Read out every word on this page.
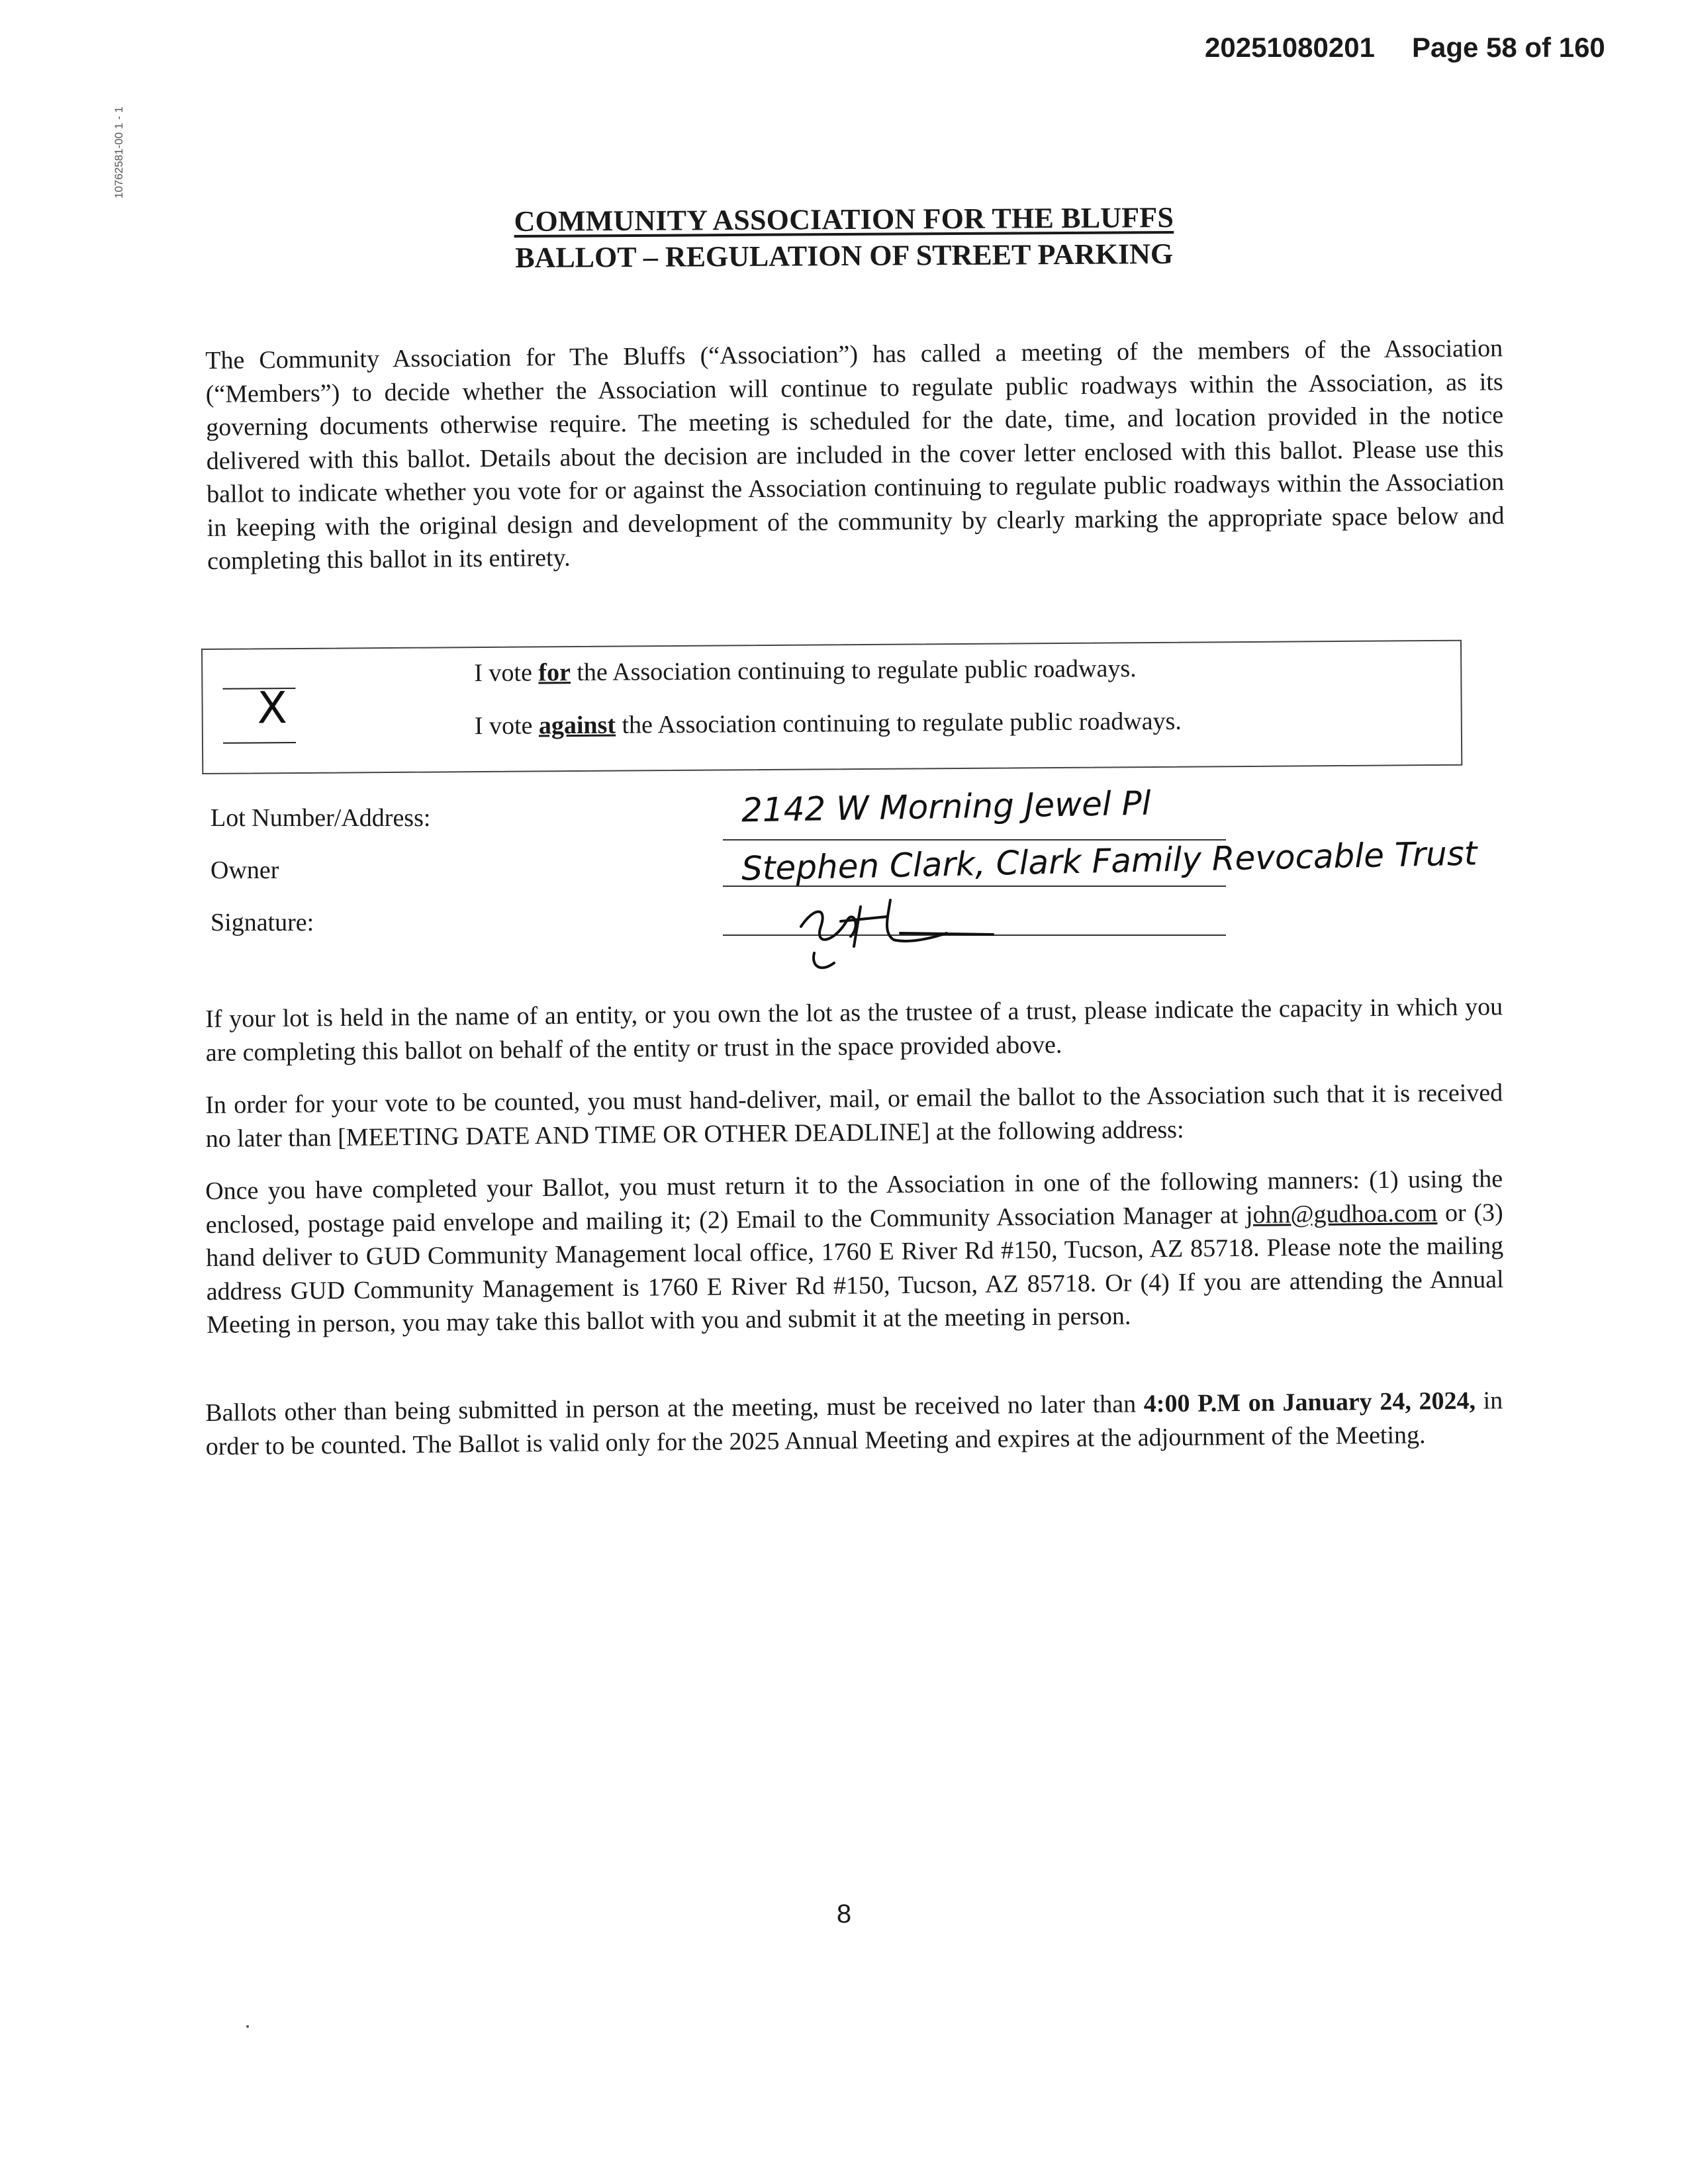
20251080201 Page 58 of 160
10762581-00 1 - 1
COMMUNITY ASSOCIATION FOR THE BLUFFS
BALLOT – REGULATION OF STREET PARKING
The Community Association for The Bluffs (“Association”) has called a meeting of the members of the Association (“Members”) to decide whether the Association will continue to regulate public roadways within the Association, as its governing documents otherwise require. The meeting is scheduled for the date, time, and location provided in the notice delivered with this ballot. Details about the decision are included in the cover letter enclosed with this ballot. Please use this ballot to indicate whether you vote for or against the Association continuing to regulate public roadways within the Association in keeping with the original design and development of the community by clearly marking the appropriate space below and completing this ballot in its entirety.
X
I vote for the Association continuing to regulate public roadways.
I vote against the Association continuing to regulate public roadways.
Lot Number/Address:
Owner
Signature:
2142 W Morning Jewel Pl
Stephen Clark, Clark Family Revocable Trust
If your lot is held in the name of an entity, or you own the lot as the trustee of a trust, please indicate the capacity in which you are completing this ballot on behalf of the entity or trust in the space provided above.
In order for your vote to be counted, you must hand-deliver, mail, or email the ballot to the Association such that it is received no later than [MEETING DATE AND TIME OR OTHER DEADLINE] at the following address:
Once you have completed your Ballot, you must return it to the Association in one of the following manners: (1) using the enclosed, postage paid envelope and mailing it; (2) Email to the Community Association Manager at john@gudhoa.com or (3) hand deliver to GUD Community Management local office, 1760 E River Rd #150, Tucson, AZ 85718. Please note the mailing address GUD Community Management is 1760 E River Rd #150, Tucson, AZ 85718. Or (4) If you are attending the Annual Meeting in person, you may take this ballot with you and submit it at the meeting in person.
Ballots other than being submitted in person at the meeting, must be received no later than 4:00 P.M on January 24, 2024, in order to be counted. The Ballot is valid only for the 2025 Annual Meeting and expires at the adjournment of the Meeting.
8
